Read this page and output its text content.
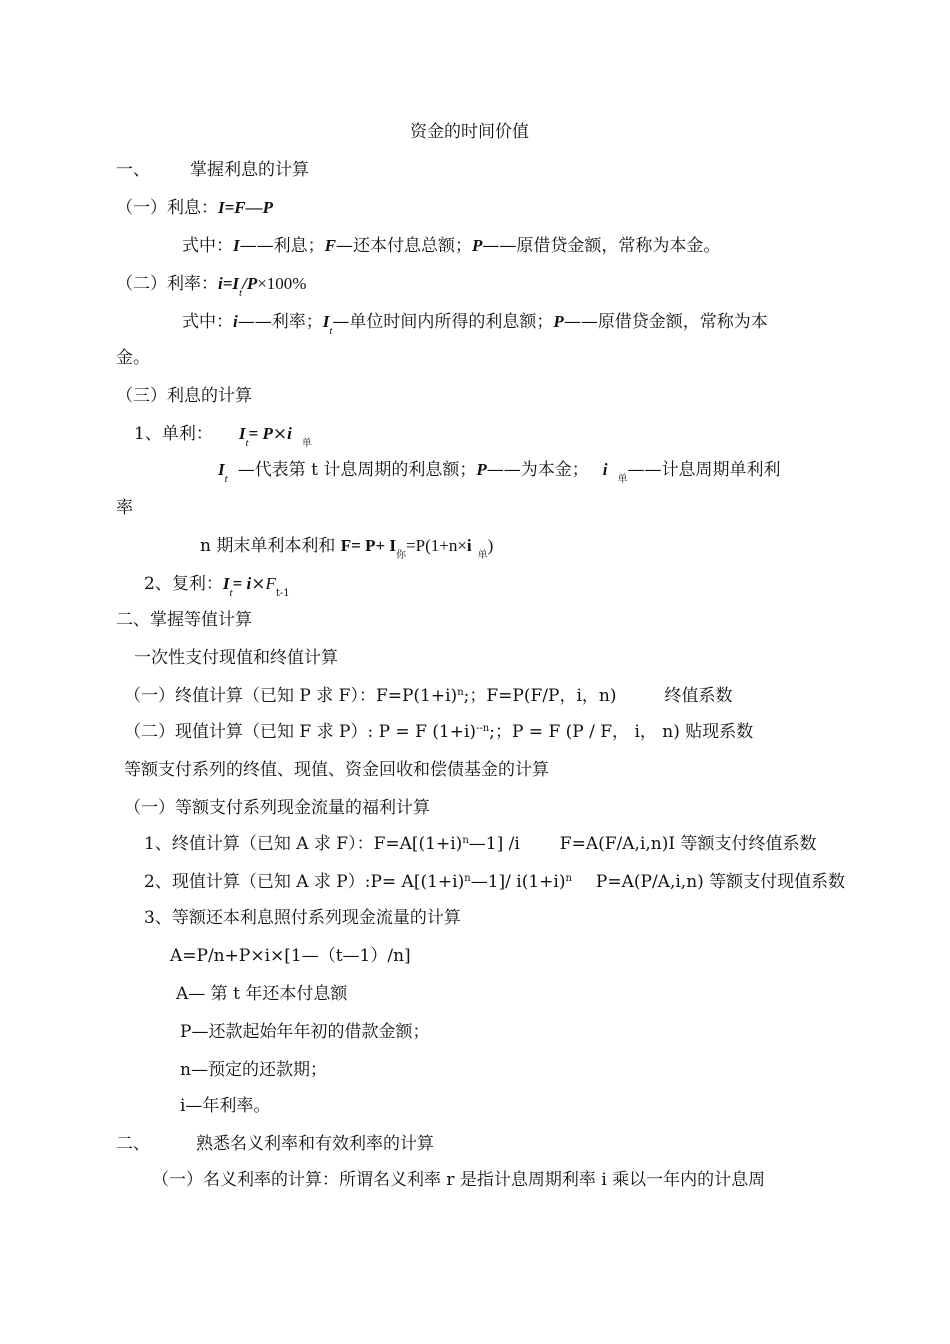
资金的时间价值
一、 掌握利息的计算
（一）利息：I=F—P
式中：I——利息；F—还本付息总额；P——原借贷金额，常称为本金。
（二）利率：$i=I_t/P\times 100\%$
式中：i——利率；$I_t—$单位时间内所得的利息额；P——原借贷金额，常称为本
金。
（三）利息的计算
1、单利： $I_t= P\times i_单$
$I_t$ —代表第 t 计息周期的利息额；P——为本金； $i_单——$计息周期单利利
率
n 期末单利本利和 $F= P+ I_你=P(1+n\times i_单)$
2、复利：$I_t= i\times F_{t-1}$
二、掌握等值计算
一次性支付现值和终值计算
（一）终值计算（已知 P 求 F）：$F=P(1+i)^n$;；F=P(F/P，i，n)	终值系数
（二）现值计算（已知 F 求 P）: P = F $(1+i)^{--n}$;；P = F (P / F， i， n) 贴现系数
等额支付系列的终值、现值、资金回收和偿债基金的计算
（一）等额支付系列现金流量的福利计算
1、终值计算（已知 A 求 F）：$F=A[(1+i)^n—1]$ /i F=A(F/A,i,n)I 等额支付终值系数
2、现值计算（已知 A 求 P）:P= $A[(1+i)^n—1]/$ $i(1+i)^n$ P=A(P/A,i,n) 等额支付现值系数
3、等额还本利息照付系列现金流量的计算
A=P/n+P×i×[1—（t—1）/n]
A— 第 t 年还本付息额
P—还款起始年年初的借款金额；
n—预定的还款期；
i—年利率。
二、	熟悉名义利率和有效利率的计算
（一）名义利率的计算：所谓名义利率 r 是指计息周期利率 i 乘以一年内的计息周
